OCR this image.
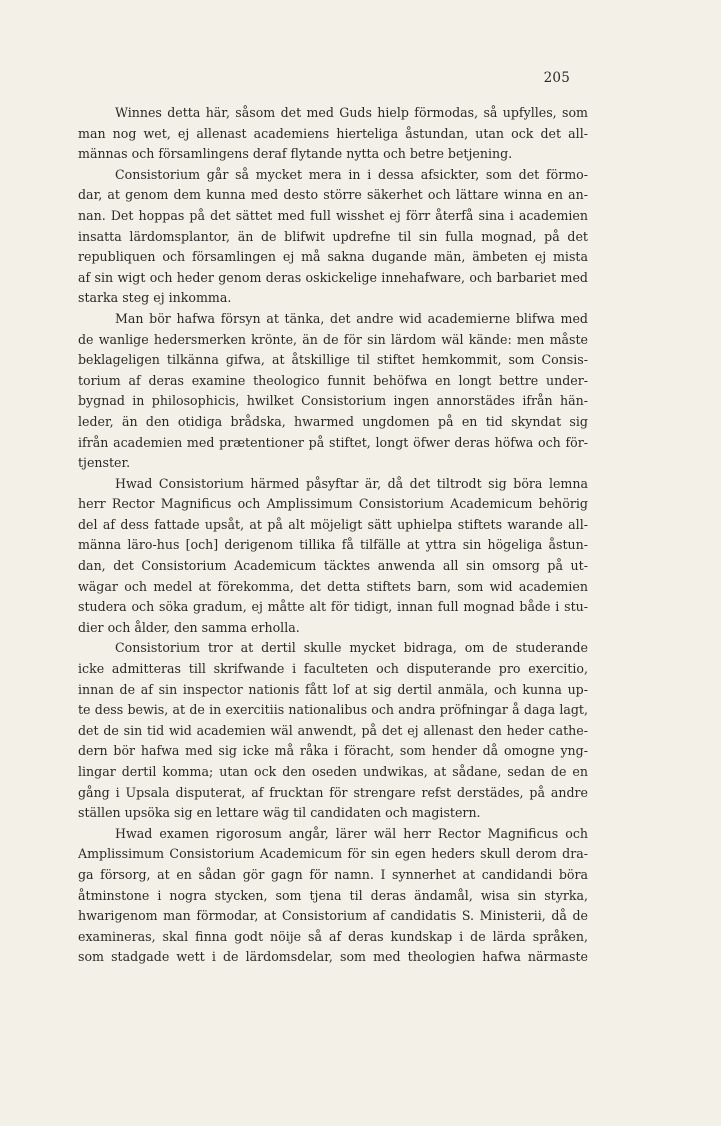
205
Winnes detta här, såsom det med Guds hielp förmodas, så upfylles, som
man nog wet, ej allenast academiens hierteliga åstundan, utan ock det all-
männas och församlingens deraf flytande nytta och betre betjening.
Consistorium går så mycket mera in i dessa afsickter, som det förmo-
dar, at genom dem kunna med desto större säkerhet och lättare winna en an-
nan. Det hoppas på det sättet med full wisshet ej förr återfå sina i academien
insatta lärdomsplantor, än de blifwit updrefne til sin fulla mognad, på det
republiquen och församlingen ej må sakna dugande män, ämbeten ej mista
af sin wigt och heder genom deras oskickelige innehafware, och barbariet med
starka steg ej inkomma.
Man bör hafwa försyn at tänka, det andre wid academierne blifwa med
de wanlige hedersmerken krönte, än de för sin lärdom wäl kände: men måste
beklageligen tilkänna gifwa, at åtskillige til stiftet hemkommit, som Consis-
torium af deras examine theologico funnit behöfwa en longt bettre under-
bygnad in philosophicis, hwilket Consistorium ingen annorstädes ifrån hän-
leder, än den otidiga brådska, hwarmed ungdomen på en tid skyndat sig
ifrån academien med prætentioner på stiftet, longt öfwer deras höfwa och för-
tjenster.
Hwad Consistorium härmed påsyftar är, då det tiltrodt sig böra lemna
herr Rector Magnificus och Amplissimum Consistorium Academicum behörig
del af dess fattade upsåt, at på alt möjeligt sätt uphielpa stiftets warande all-
männa läro-hus [och] derigenom tillika få tilfälle at yttra sin högeliga åstun-
dan, det Consistorium Academicum täcktes anwenda all sin omsorg på ut-
wägar och medel at förekomma, det detta stiftets barn, som wid academien
studera och söka gradum, ej måtte alt för tidigt, innan full mognad både i stu-
dier och ålder, den samma erholla.
Consistorium tror at dertil skulle mycket bidraga, om de studerande
icke admitteras till skrifwande i faculteten och disputerande pro exercitio,
innan de af sin inspector nationis fått lof at sig dertil anmäla, och kunna up-
te dess bewis, at de in exercitiis nationalibus och andra pröfningar å daga lagt,
det de sin tid wid academien wäl anwendt, på det ej allenast den heder cathe-
dern bör hafwa med sig icke må råka i föracht, som hender då omogne yng-
lingar dertil komma; utan ock den oseden undwikas, at sådane, sedan de en
gång i Upsala disputerat, af frucktan för strengare refst derstädes, på andre
ställen upsöka sig en lettare wäg til candidaten och magistern.
Hwad examen rigorosum angår, lärer wäl herr Rector Magnificus och
Amplissimum Consistorium Academicum för sin egen heders skull derom dra-
ga försorg, at en sådan gör gagn för namn. I synnerhet at candidandi böra
åtminstone i nogra stycken, som tjena til deras ändamål, wisa sin styrka,
hwarigenom man förmodar, at Consistorium af candidatis S. Ministerii, då de
examineras, skal finna godt nöije så af deras kundskap i de lärda språken,
som stadgade wett i de lärdomsdelar, som med theologien hafwa närmaste
